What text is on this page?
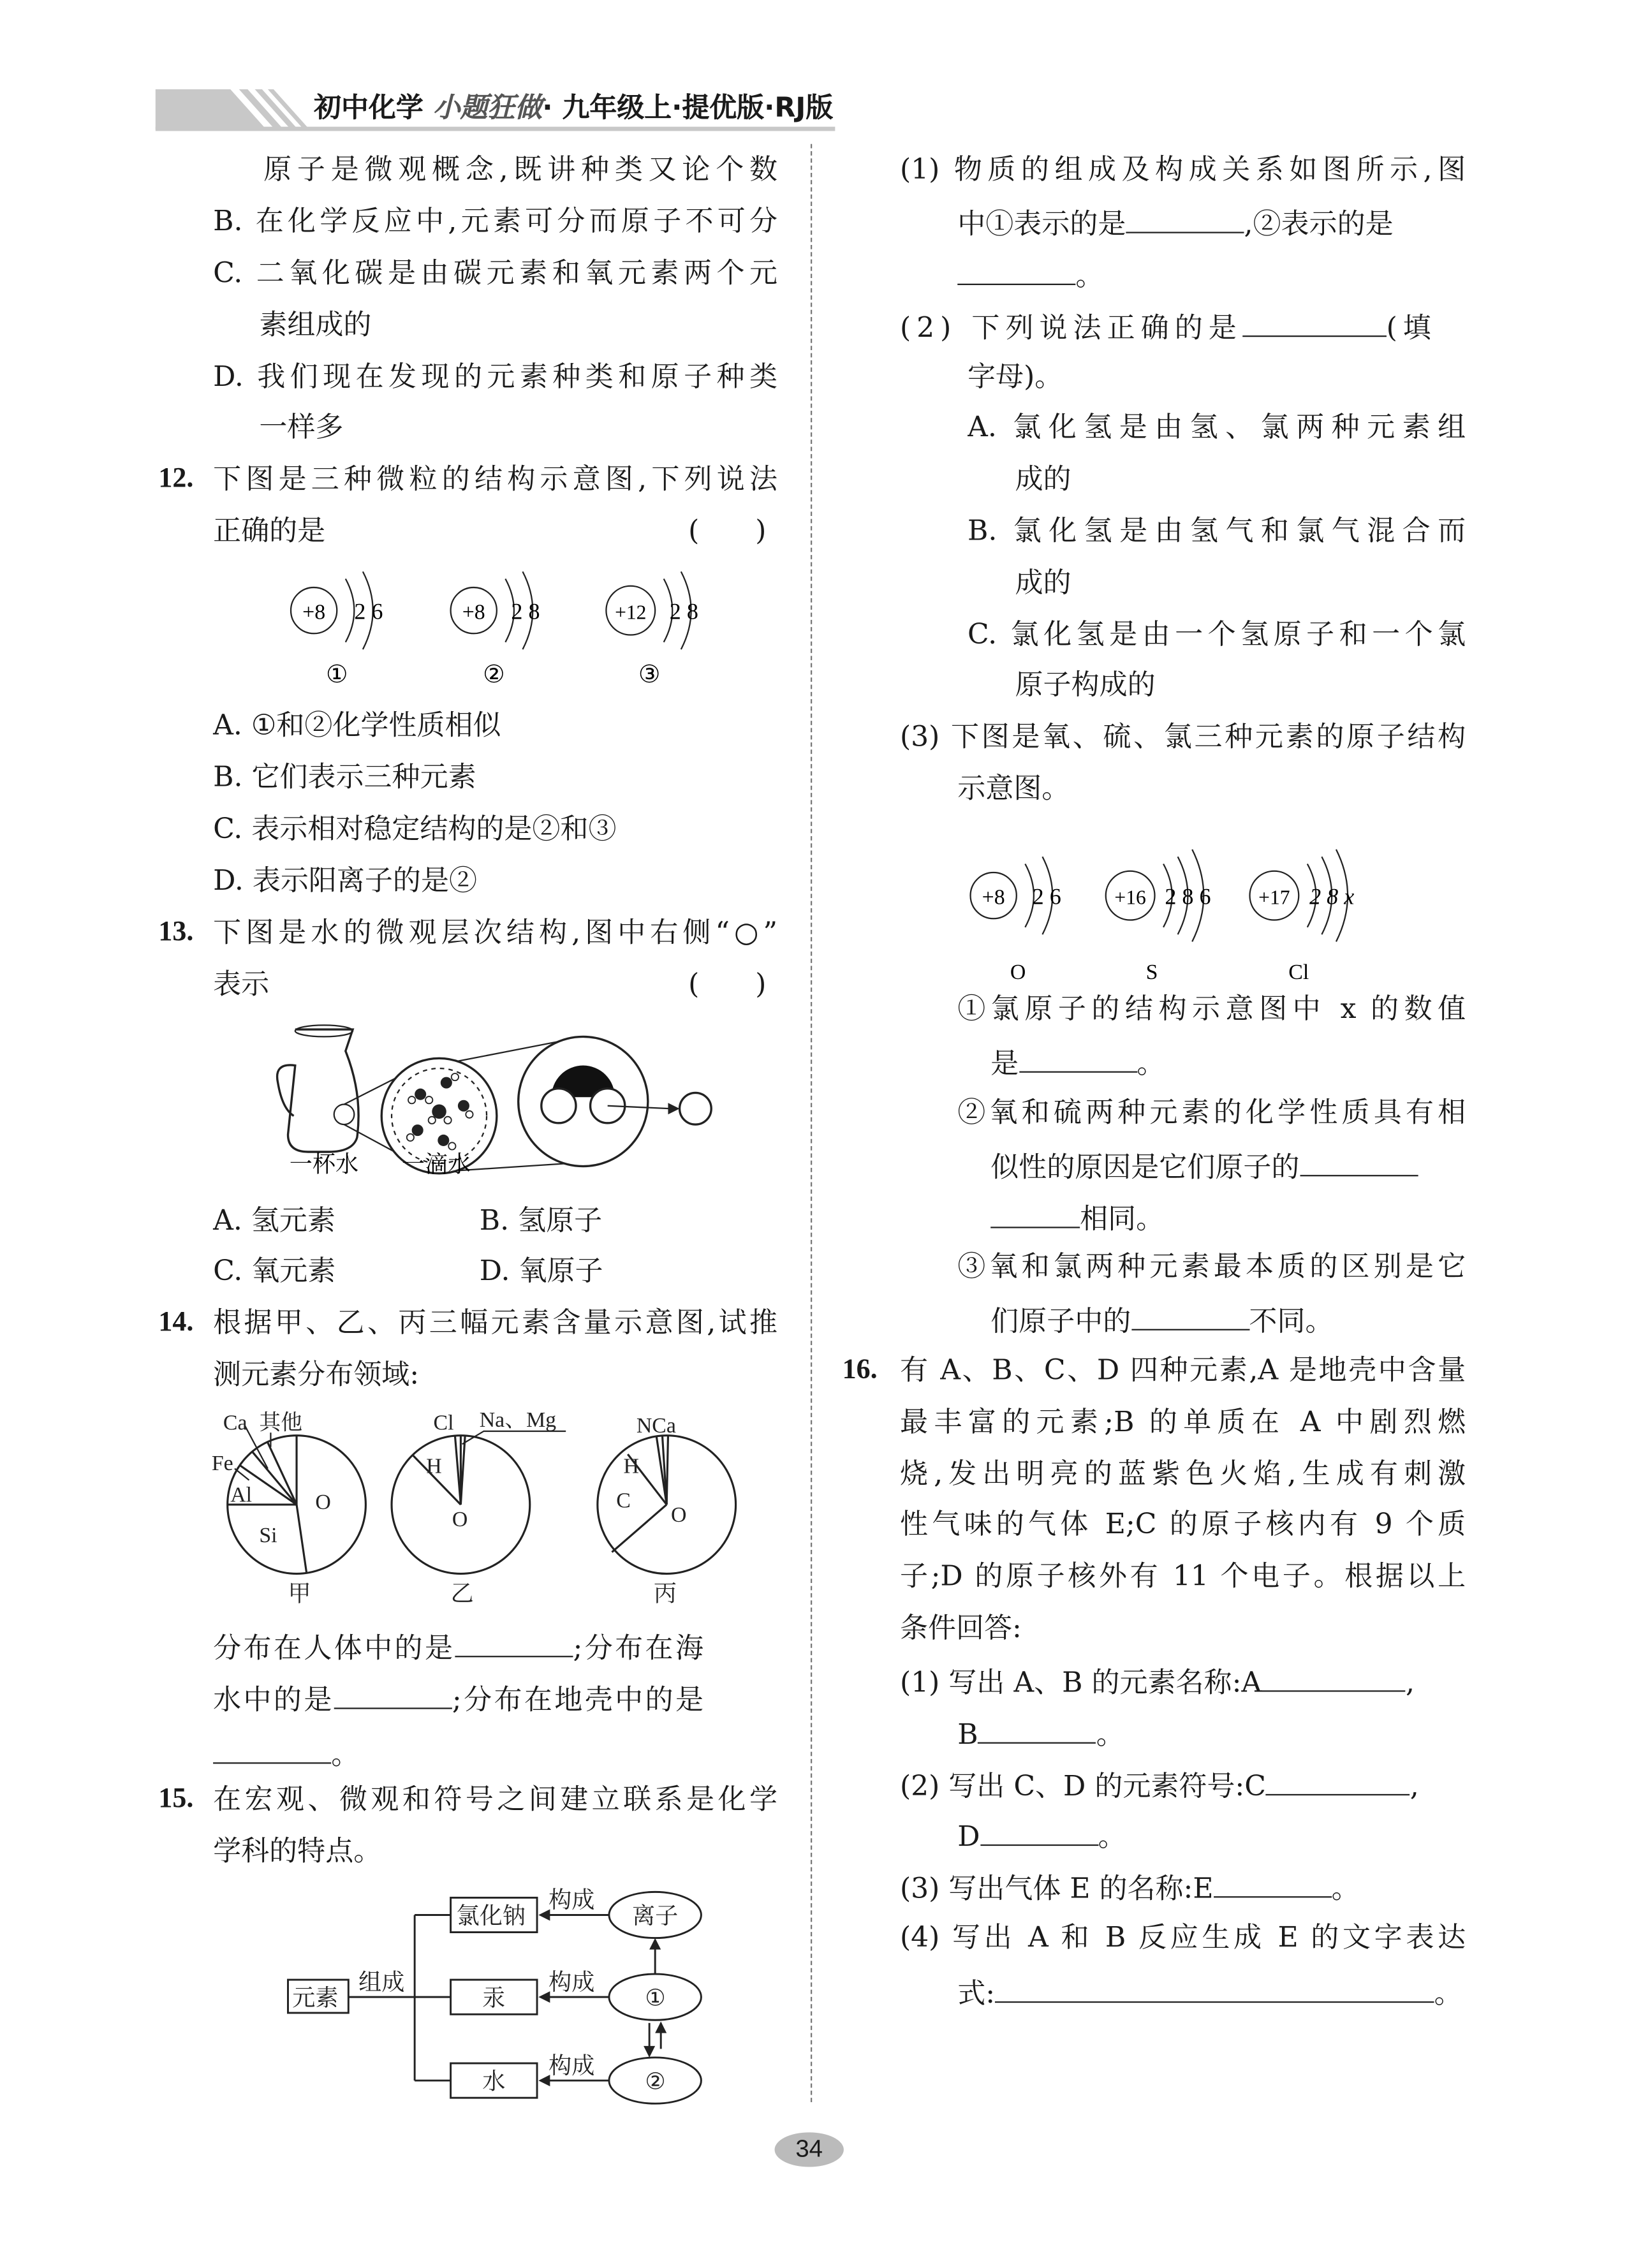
初中化学 小题狂做· 九年级上·提优版·RJ版
原子是微观概念,既讲种类又论个数
B. 在化学反应中,元素可分而原子不可分
C. 二氧化碳是由碳元素和氧元素两个元
素组成的
D. 我们现在发现的元素种类和原子种类
一样多
12. 下图是三种微粒的结构示意图,下列说法
正确的是	(　　)
+8	2 6
①
+8	2 8
②
+12 2 8
③
A. ①和②化学性质相似
B. 它们表示三种元素
C. 表示相对稳定结构的是②和③
D. 表示阳离子的是②
13. 下图是水的微观层次结构,图中右侧“○”
表示	(　　)
一杯水	一滴水
A. 氢元素	B. 氢原子
C. 氧元素	D. 氧原子
14. 根据甲、乙、丙三幅元素含量示意图,试推
测元素分布领域:
Ca 其他
Fe
Al
Si
O
甲
Cl	Na、Mg
H
O
乙
NCa
H
C
O
丙
分布在人体中的是	;分布在海
水中的是	;分布在地壳中的是
。
15. 在宏观、微观和符号之间建立联系是化学
学科的特点。
元素
组成
氯化钠
汞
水
构成
构成
构成
离子
①
②
(1) 物质的组成及构成关系如图所示,图
中①表示的是	,②表示的是
。
(2) 下列说法正确的是	(填
字母)。
A. 氯化氢是由氢、氯两种元素组
成的
B. 氯化氢是由氢气和氯气混合而
成的
C. 氯化氢是由一个氢原子和一个氯
原子构成的
(3) 下图是氧、硫、氯三种元素的原子结构
示意图。
+8	2 6
O
+16 2 8 6
S
+17 2 8 x
Cl
①氯原子的结构示意图中 x 的数值
是	。
②氧和硫两种元素的化学性质具有相
似性的原因是它们原子的
相同。
③氧和氯两种元素最本质的区别是它
们原子中的	不同。
16. 有 A、B、C、D 四种元素,A 是地壳中含量
最丰富的元素;B 的单质在 A 中剧烈燃
烧,发出明亮的蓝紫色火焰,生成有刺激
性气味的气体 E;C 的原子核内有 9 个质
子;D 的原子核外有 11 个电子。根据以上
条件回答:
(1) 写出 A、B 的元素名称:A	,
B	。
(2) 写出 C、D 的元素符号:C	,
D	。
(3) 写出气体 E 的名称:E	。
(4) 写出 A 和 B 反应生成 E 的文字表达
式:	。
34
